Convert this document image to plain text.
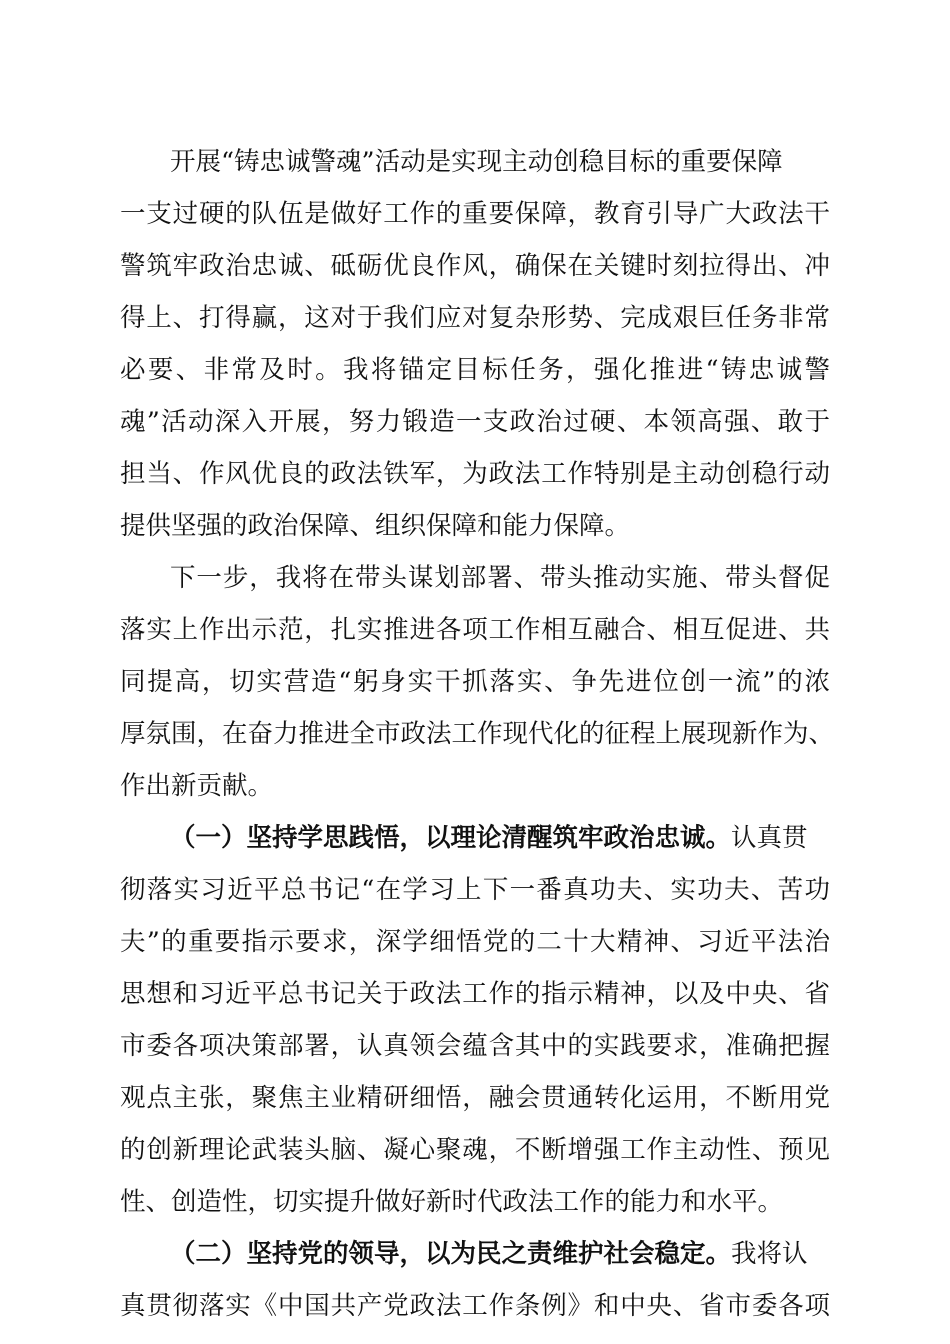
开展“铸忠诚警魂”活动是实现主动创稳目标的重要保障
一支过硬的队伍是做好工作的重要保障，教育引导广大政法干
警筑牢政治忠诚、砥砺优良作风，确保在关键时刻拉得出、冲
得上、打得赢，这对于我们应对复杂形势、完成艰巨任务非常
必要、非常及时。我将锚定目标任务，强化推进“铸忠诚警
魂”活动深入开展，努力锻造一支政治过硬、本领高强、敢于
担当、作风优良的政法铁军，为政法工作特别是主动创稳行动
提供坚强的政治保障、组织保障和能力保障。
下一步，我将在带头谋划部署、带头推动实施、带头督促
落实上作出示范，扎实推进各项工作相互融合、相互促进、共
同提高，切实营造“躬身实干抓落实、争先进位创一流”的浓
厚氛围，在奋力推进全市政法工作现代化的征程上展现新作为、
作出新贡献。
（一）坚持学思践悟，以理论清醒筑牢政治忠诚。认真贯
彻落实习近平总书记“在学习上下一番真功夫、实功夫、苦功
夫”的重要指示要求，深学细悟党的二十大精神、习近平法治
思想和习近平总书记关于政法工作的指示精神，以及中央、省
市委各项决策部署，认真领会蕴含其中的实践要求，准确把握
观点主张，聚焦主业精研细悟，融会贯通转化运用，不断用党
的创新理论武装头脑、凝心聚魂，不断增强工作主动性、预见
性、创造性，切实提升做好新时代政法工作的能力和水平。
（二）坚持党的领导，以为民之责维护社会稳定。我将认
真贯彻落实《中国共产党政法工作条例》和中央、省市委各项
